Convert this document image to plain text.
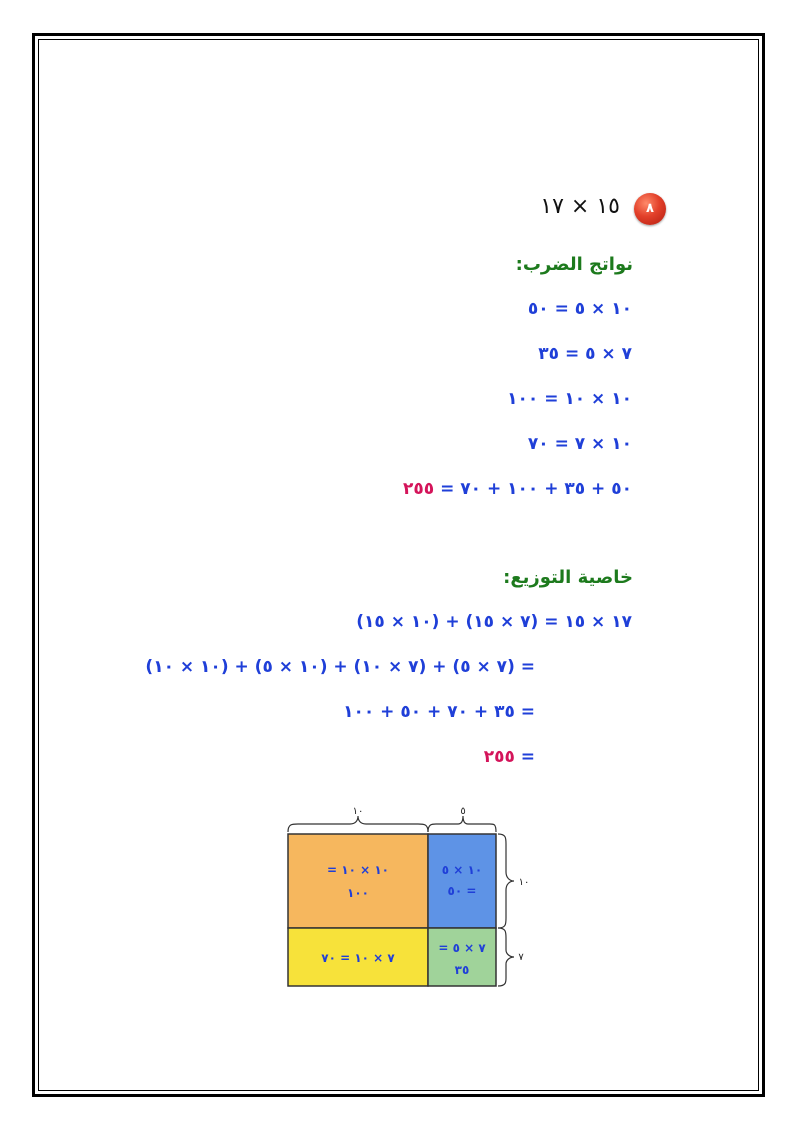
٨
١٥ × ١٧
نواتج الضرب:
١٠ × ٥ = ٥٠
٧ × ٥ = ٣٥
١٠ × ١٠ = ١٠٠
١٠ × ٧ = ٧٠
٥٠ + ٣٥ + ١٠٠ + ٧٠ = ٢٥٥
خاصية التوزيع:
١٧ × ١٥ = (٧ × ١٥) + (١٠ × ١٥)
= (٧ × ٥) + (٧ × ١٠) + (١٠ × ٥) + (١٠ × ١٠)
= ٣٥ + ٧٠ + ٥٠ + ١٠٠
= ٢٥٥
١٠	٥
١٠ × ١٠ =
١٠٠
١٠ × ٥
= ٥٠
٧ × ١٠ = ٧٠
٧ × ٥ =
٣٥
١٠
٧
